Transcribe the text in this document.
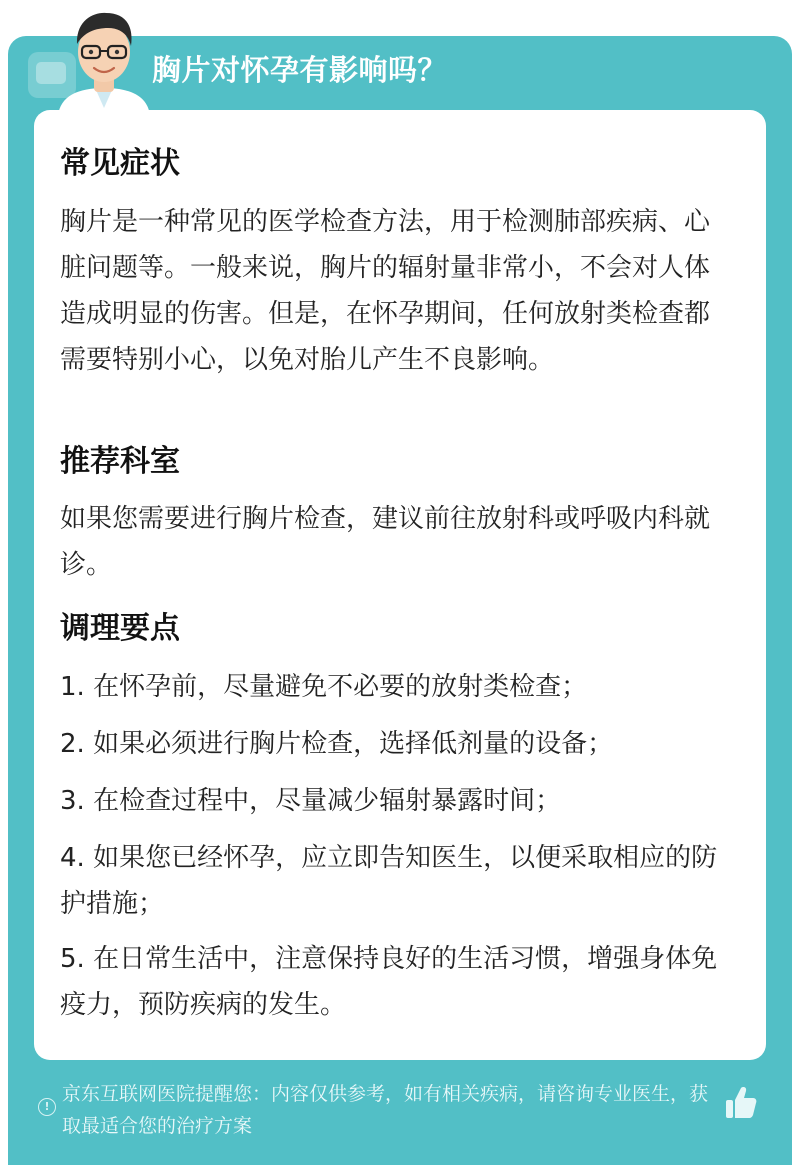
胸片对怀孕有影响吗？
常见症状

胸片是一种常见的医学检查方法，用于检测肺部疾病、心脏问题等。一般来说，胸片的辐射量非常小，不会对人体造成明显的伤害。但是，在怀孕期间，任何放射类检查都需要特别小心，以免对胎儿产生不良影响。

推荐科室

如果您需要进行胸片检查，建议前往放射科或呼吸内科就诊。

调理要点

1. 在怀孕前，尽量避免不必要的放射类检查；

2. 如果必须进行胸片检查，选择低剂量的设备；

3. 在检查过程中，尽量减少辐射暴露时间；

4. 如果您已经怀孕，应立即告知医生，以便采取相应的防护措施；

5. 在日常生活中，注意保持良好的生活习惯，增强身体免疫力，预防疾病的发生。

!
京东互联网医院提醒您：内容仅供参考，如有相关疾病，请咨询专业医生，获取最适合您的治疗方案
